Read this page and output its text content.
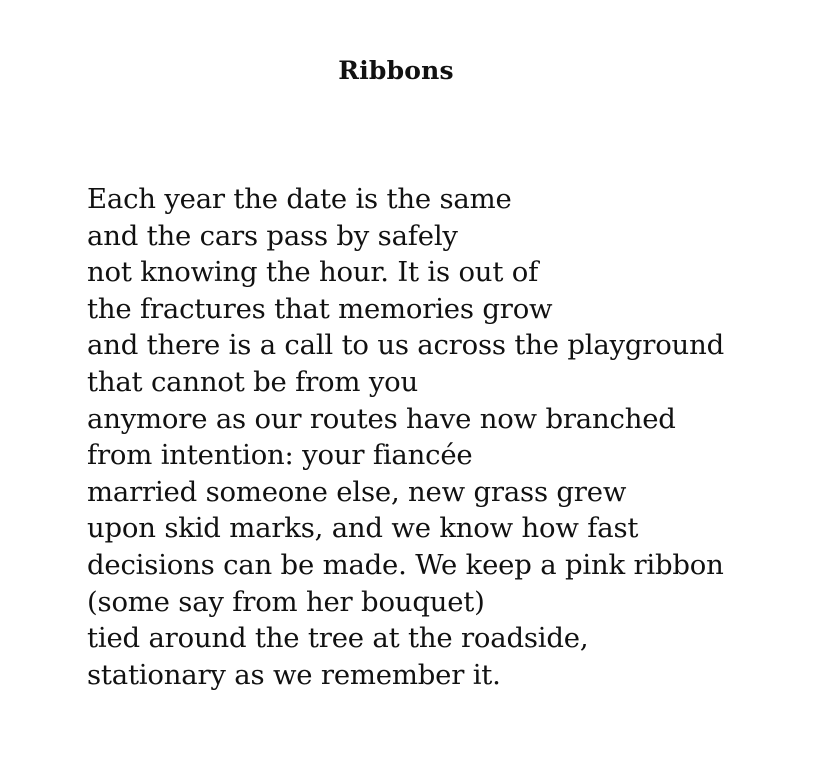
Ribbons
Each year the date is the same
and the cars pass by safely
not knowing the hour. It is out of
the fractures that memories grow
and there is a call to us across the playground
that cannot be from you
anymore as our routes have now branched
from intention: your fiancée
married someone else, new grass grew
upon skid marks, and we know how fast
decisions can be made. We keep a pink ribbon
(some say from her bouquet)
tied around the tree at the roadside,
stationary as we remember it.
